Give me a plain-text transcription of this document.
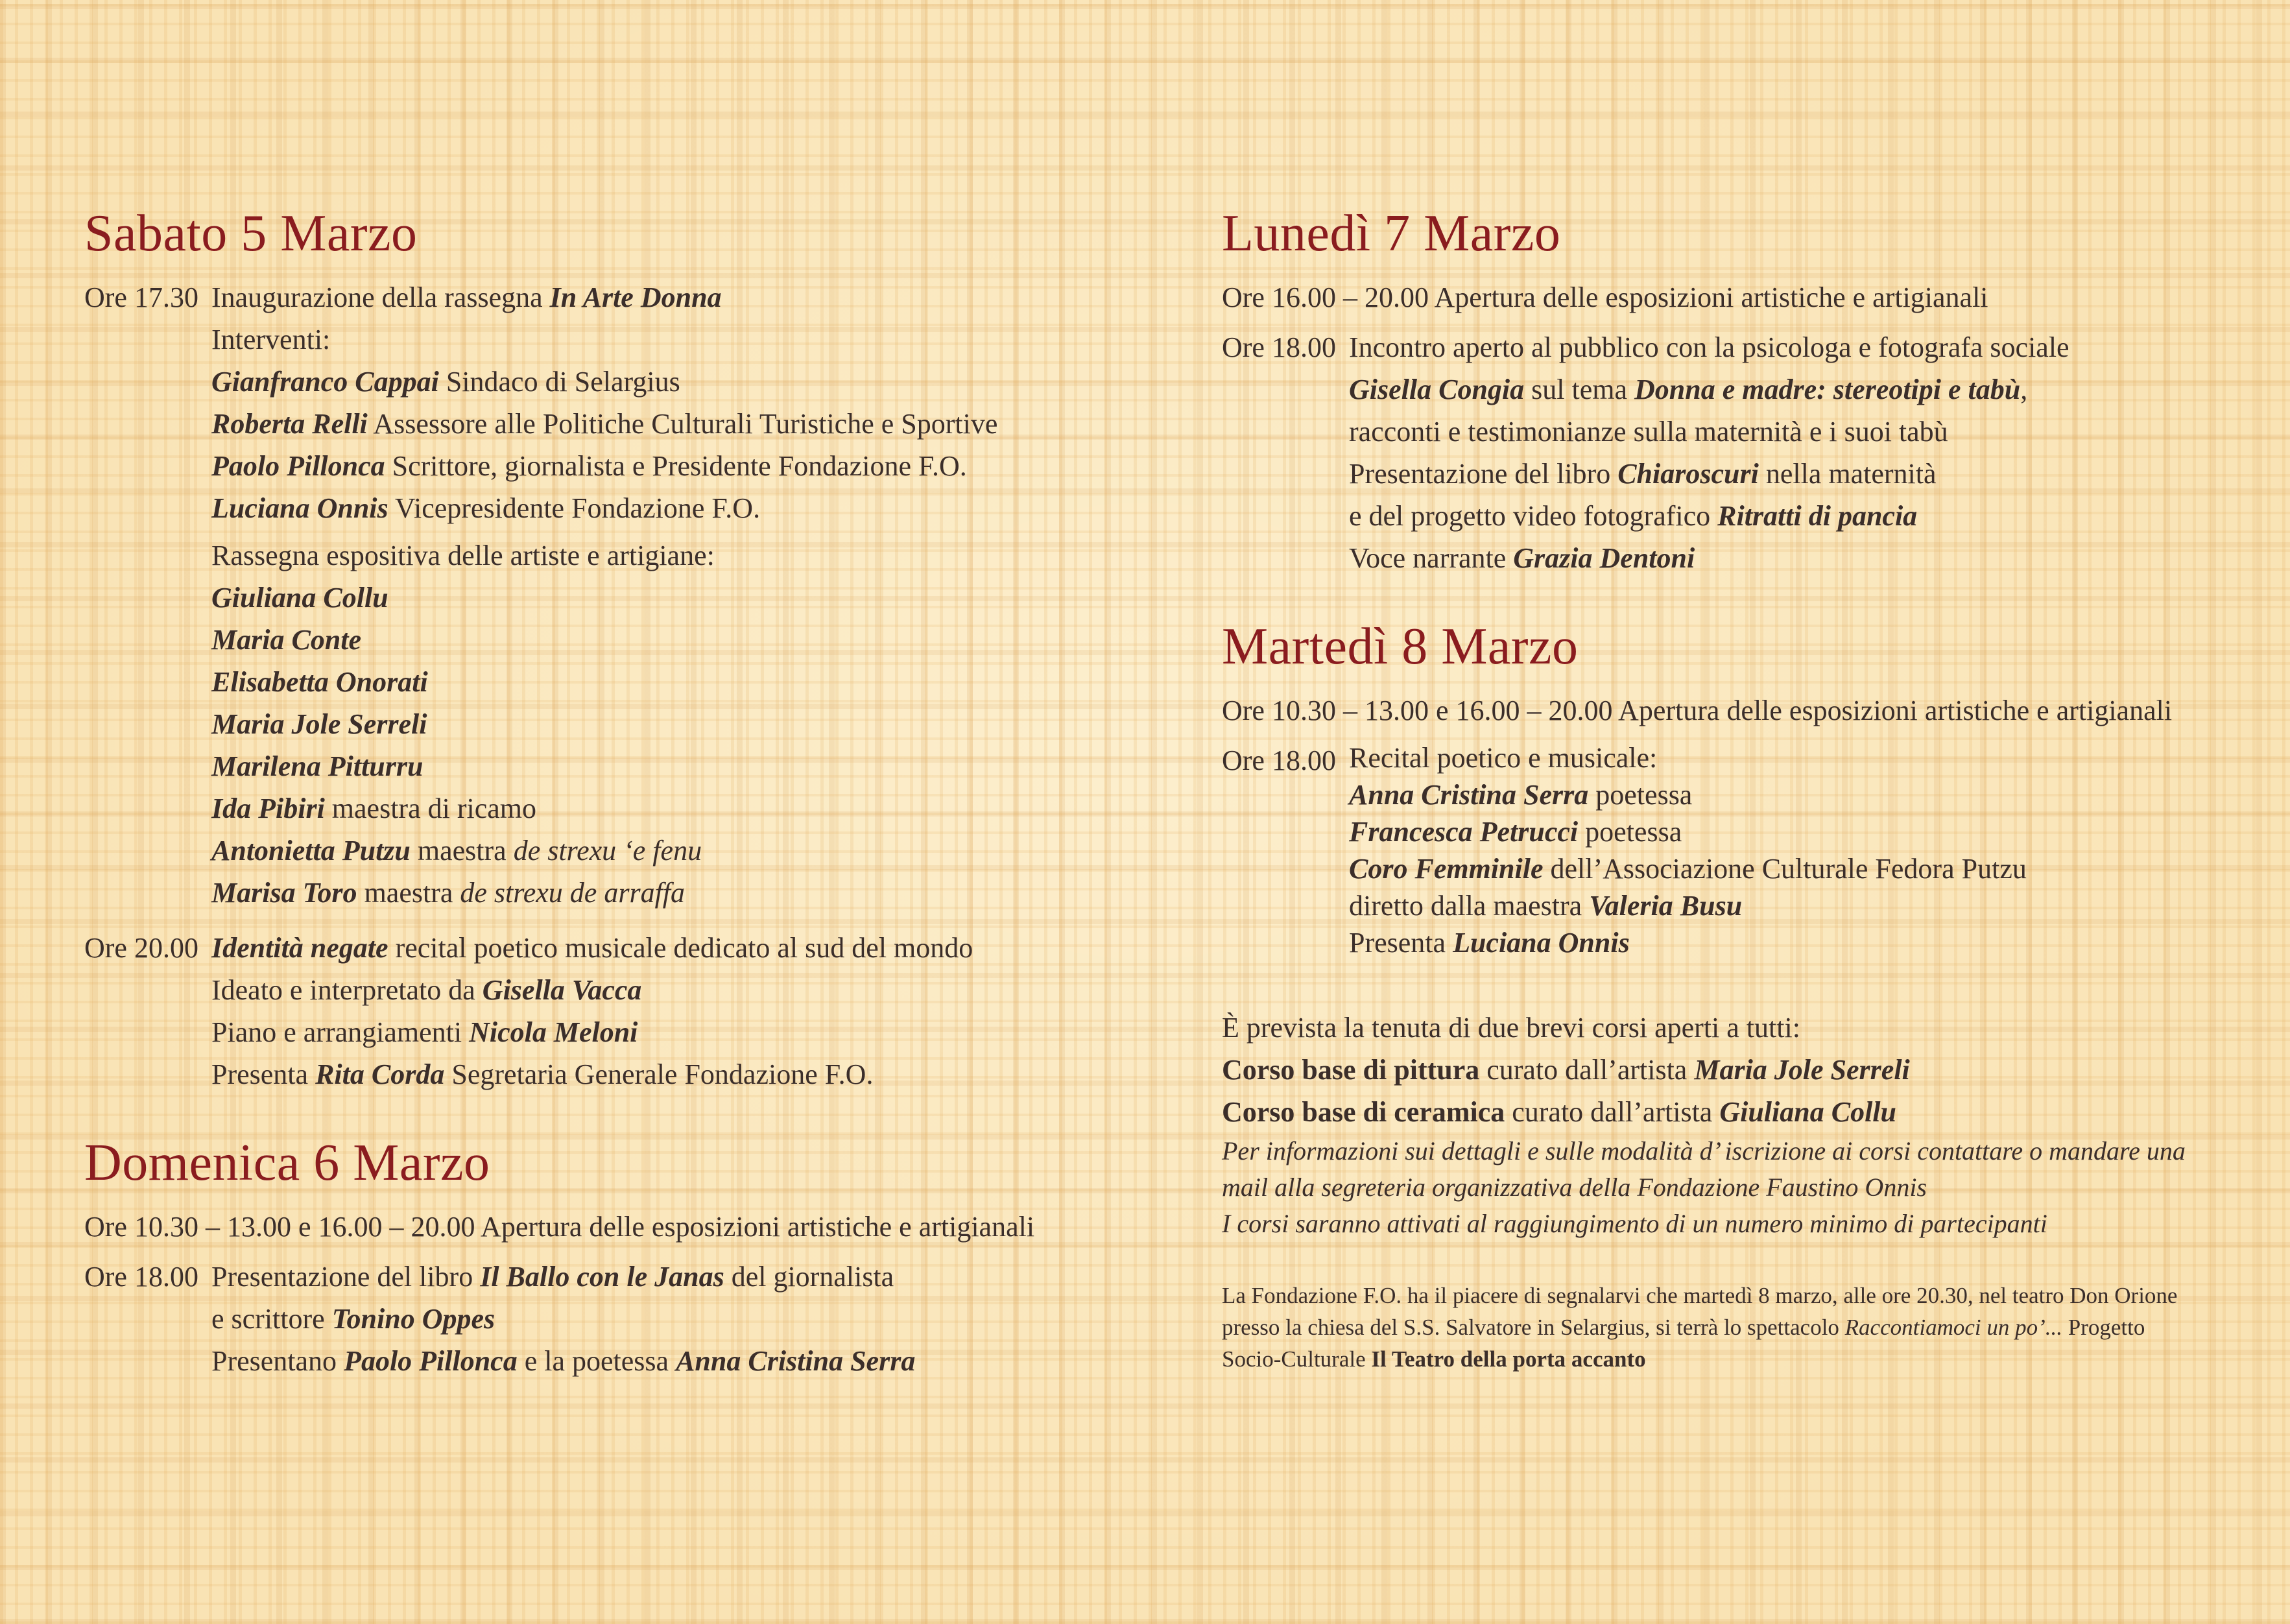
Sabato 5 Marzo
Ore 17.30 Inaugurazione della rassegna In Arte Donna
Interventi:
Gianfranco Cappai Sindaco di Selargius
Roberta Relli Assessore alle Politiche Culturali Turistiche e Sportive
Paolo Pillonca Scrittore, giornalista e Presidente Fondazione F.O.
Luciana Onnis Vicepresidente Fondazione F.O.
Rassegna espositiva delle artiste e artigiane:
Giuliana Collu
Maria Conte
Elisabetta Onorati
Maria Jole Serreli
Marilena Pitturru
Ida Pibiri maestra di ricamo
Antonietta Putzu maestra de strexu ‘e fenu
Marisa Toro maestra de strexu de arraffa
Ore 20.00 Identità negate recital poetico musicale dedicato al sud del mondo
Ideato e interpretato da Gisella Vacca
Piano e arrangiamenti Nicola Meloni
Presenta Rita Corda Segretaria Generale Fondazione F.O.
Domenica 6 Marzo
Ore 10.30 – 13.00 e 16.00 – 20.00 Apertura delle esposizioni artistiche e artigianali
Ore 18.00 Presentazione del libro Il Ballo con le Janas del giornalista
e scrittore Tonino Oppes
Presentano Paolo Pillonca e la poetessa Anna Cristina Serra
Lunedì 7 Marzo
Ore 16.00 – 20.00 Apertura delle esposizioni artistiche e artigianali
Ore 18.00 Incontro aperto al pubblico con la psicologa e fotografa sociale
Gisella Congia sul tema Donna e madre: stereotipi e tabù,
racconti e testimonianze sulla maternità e i suoi tabù
Presentazione del libro Chiaroscuri nella maternità
e del progetto video fotografico Ritratti di pancia
Voce narrante Grazia Dentoni
Martedì 8 Marzo
Ore 10.30 – 13.00 e 16.00 – 20.00 Apertura delle esposizioni artistiche e artigianali
Ore 18.00 Recital poetico e musicale:
Anna Cristina Serra poetessa
Francesca Petrucci poetessa
Coro Femminile dell’Associazione Culturale Fedora Putzu
diretto dalla maestra Valeria Busu
Presenta Luciana Onnis
È prevista la tenuta di due brevi corsi aperti a tutti:
Corso base di pittura curato dall’artista Maria Jole Serreli
Corso base di ceramica curato dall’artista Giuliana Collu
Per informazioni sui dettagli e sulle modalità d’ iscrizione ai corsi contattare o mandare una
mail alla segreteria organizzativa della Fondazione Faustino Onnis
I corsi saranno attivati al raggiungimento di un numero minimo di partecipanti
La Fondazione F.O. ha il piacere di segnalarvi che martedì 8 marzo, alle ore 20.30, nel teatro Don Orione
presso la chiesa del S.S. Salvatore in Selargius, si terrà lo spettacolo Raccontiamoci un po’... Progetto
Socio-Culturale Il Teatro della porta accanto
